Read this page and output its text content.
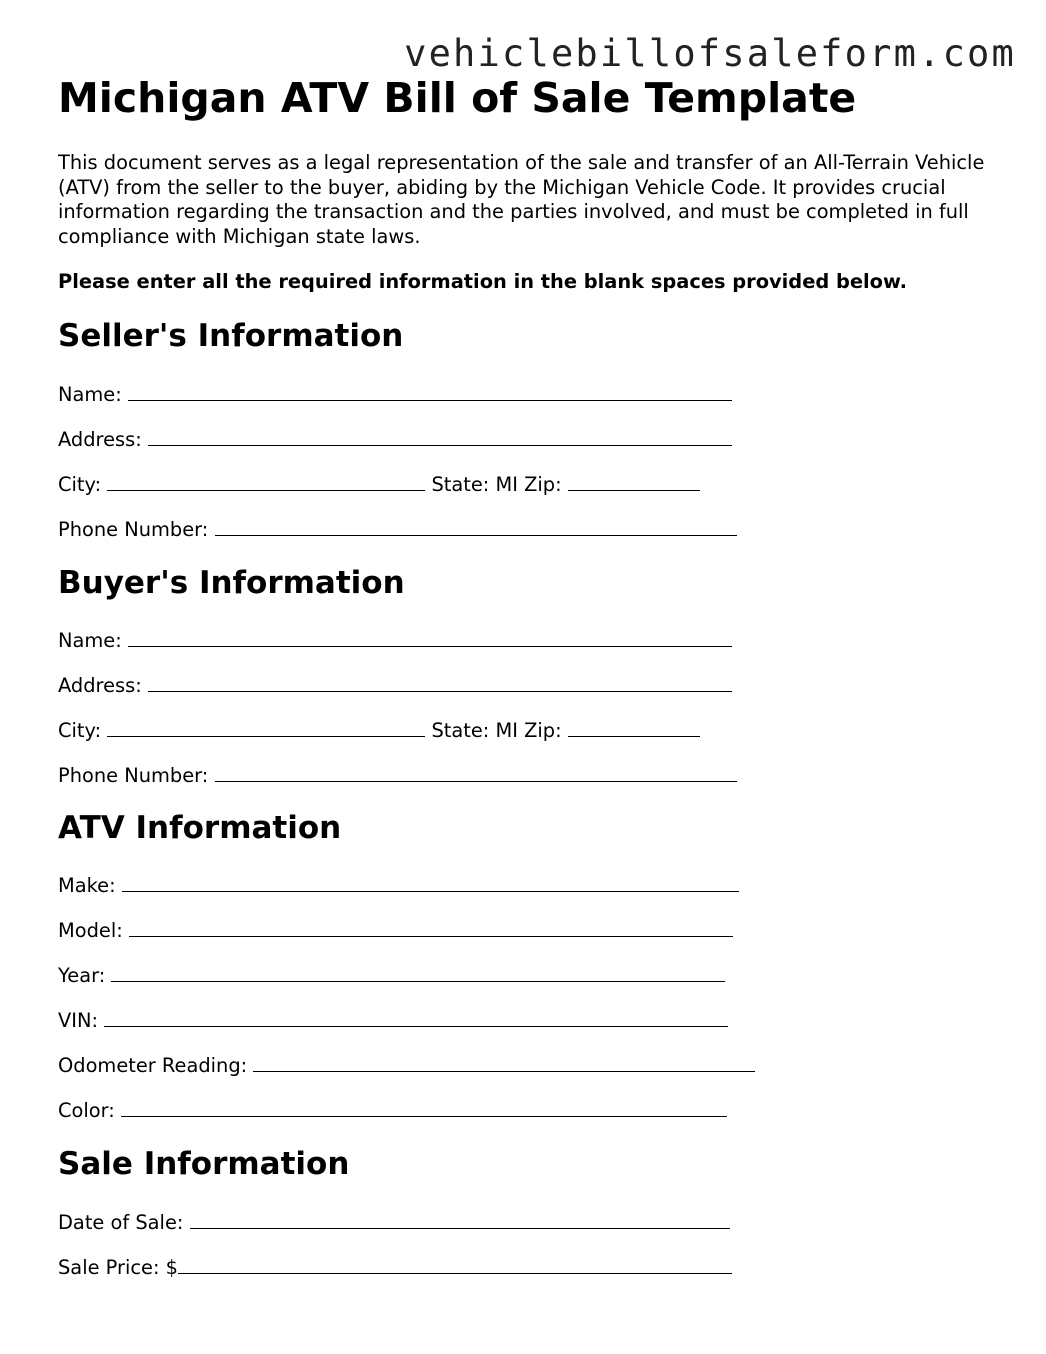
vehiclebillofsaleform.com
Michigan ATV Bill of Sale Template

This document serves as a legal representation of the sale and transfer of an All-Terrain Vehicle (ATV) from the seller to the buyer, abiding by the Michigan Vehicle Code. It provides crucial information regarding the transaction and the parties involved, and must be completed in full compliance with Michigan state laws.

Please enter all the required information in the blank spaces provided below.

Seller's Information
Name:
Address:
City:	State: MI Zip:
Phone Number:
Buyer's Information
Name:
Address:
City:	State: MI Zip:
Phone Number:
ATV Information
Make:
Model:
Year:
VIN:
Odometer Reading:
Color:
Sale Information
Date of Sale:
Sale Price: $
